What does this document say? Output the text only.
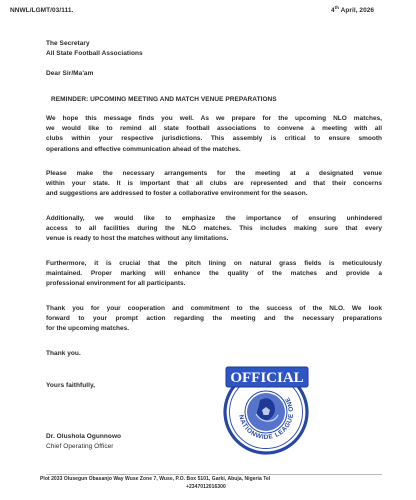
NNWL/LGMT/03/111.	4th April, 2026
The Secretary
All State Football Associations
Dear Sir/Ma'am
REMINDER: UPCOMING MEETING AND MATCH VENUE PREPARATIONS
We hope this message finds you well. As we prepare for the upcoming NLO matches,
we would like to remind all state football associations to convene a meeting with all
clubs within your respective jurisdictions. This assembly is critical to ensure smooth
operations and effective communication ahead of the matches.
Please make the necessary arrangements for the meeting at a designated venue
within your state. It is important that all clubs are represented and that their concerns
and suggestions are addressed to foster a collaborative environment for the season.
Additionally, we would like to emphasize the importance of ensuring unhindered
access to all facilities during the NLO matches. This includes making sure that every
venue is ready to host the matches without any limitations.
Furthermore, it is crucial that the pitch lining on natural grass fields is meticulously
maintained. Proper marking will enhance the quality of the matches and provide a
professional environment for all participants.
Thank you for your cooperation and commitment to the success of the NLO. We look
forward to your prompt action regarding the meeting and the necessary preparations
for the upcoming matches.
Thank you.
Yours faithfully,
Dr. Olushola Ogunnowo
Chief Operating Officer
NATIONWIDE LEAGUE ONE
OFFICIAL
Plot 2033 Olusegun Obasanjo Way Wuse Zone 7, Wuse, P.O. Box 5101, Garki, Abuja, Nigeria Tel
+2347012016300
